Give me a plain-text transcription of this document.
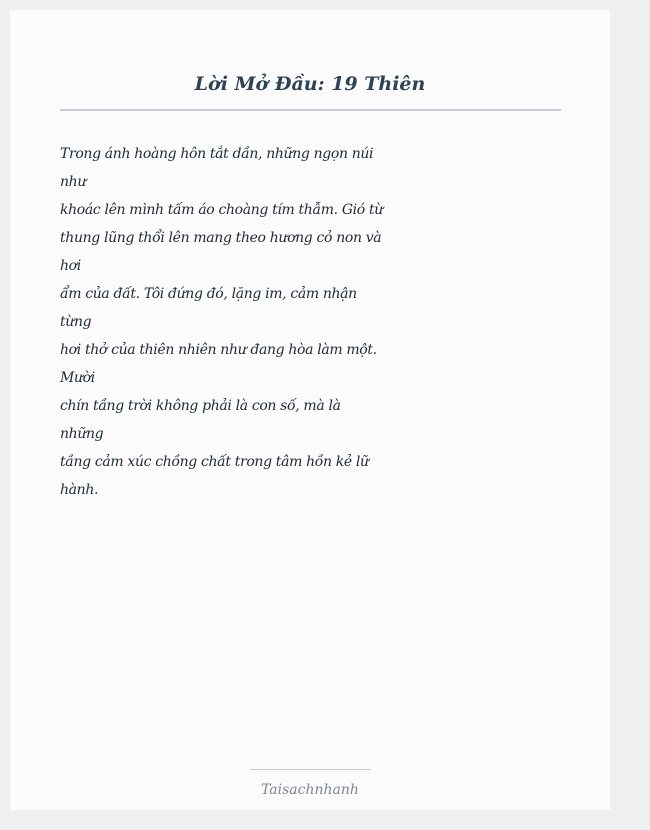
Lời Mở Đầu: 19 Thiên
Trong ánh hoàng hôn tắt dần, những ngọn núi
như
khoác lên mình tấm áo choàng tím thẫm. Gió từ
thung lũng thổi lên mang theo hương cỏ non và
hơi
ẩm của đất. Tôi đứng đó, lặng im, cảm nhận
từng
hơi thở của thiên nhiên như đang hòa làm một.
Mười
chín tầng trời không phải là con số, mà là
những
tầng cảm xúc chồng chất trong tâm hồn kẻ lữ
hành.
Taisachnhanh
